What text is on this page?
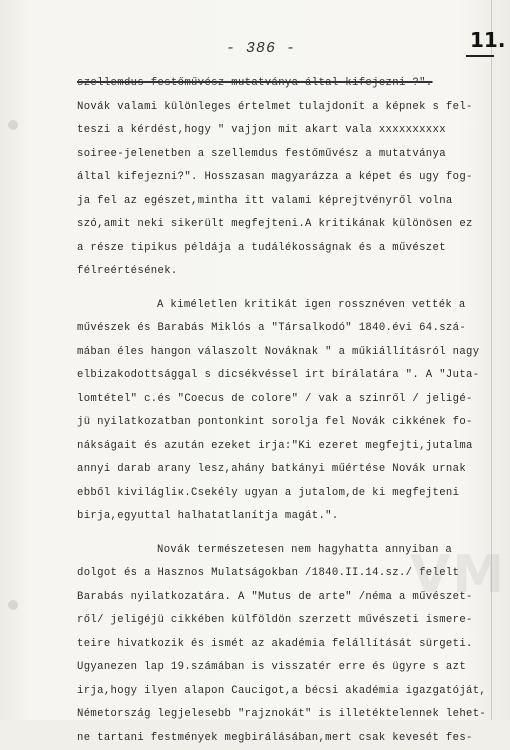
- 386 -	11.
szellemdus festőművész mutatványa által kifejezni ?".
Novák valami különleges értelmet tulajdonít a képnek s fel-
teszi a kérdést,hogy " vajjon mit akart vala xxxxxxxxxx
soiree-jelenetben a szellemdus festőművész a mutatványa
által kifejezni?". Hosszasan magyarázza a képet és ugy fog-
ja fel az egészet,mintha itt valami képrejtvényről volna
szó,amit neki sikerült megfejteni.A kritikának különösen ez
a része tipikus példája a tudálékosságnak és a művészet
félreértésének.
A kiméletlen kritikát igen rossznéven vették a
művészek és Barabás Miklós a "Társalkodó" 1840.évi 64.szá-
mában éles hangon válaszolt Nováknak " a műkiállításról nagy
elbizakodottsággal s dicsékvéssel irt bírálatára ". A "Juta-
lomtétel" c.és "Coecus de colore" / vak a szinről / jeligé-
jü nyilatkozatban pontonkint sorolja fel Novák cikkének fo-
nákságait és azután ezeket irja:"Ki ezeret megfejti,jutalma
annyi darab arany lesz,ahány batkányi műértése Novák urnak
ebből kivilágliк.Csekély ugyan a jutalom,de ki megfejteni
birja,egyuttal halhatatlanítja magát.".
Novák természetesen nem hagyhatta annyiban a
dolgot és a Hasznos Mulatságokban /1840.II.14.sz./ felelt
Barabás nyilatkozatára. A "Mutus de arte" /néma a művészet-
ről/ jeligéjü cikkében külföldön szerzett művészeti ismere-
teire hivatkozik és ismét az akadémia felállítását sürgeti.
Ugyanezen lap 19.számában is visszatér erre és ügyre s azt
irja,hogy ilyen alapon Caucigot,a bécsi akadémia igazgatóját,
Németország legjelesebb "rajznokát" is illetéktelennek lehet-
ne tartani festmények megbirálásában,mert csak kevesét fes-
VM
